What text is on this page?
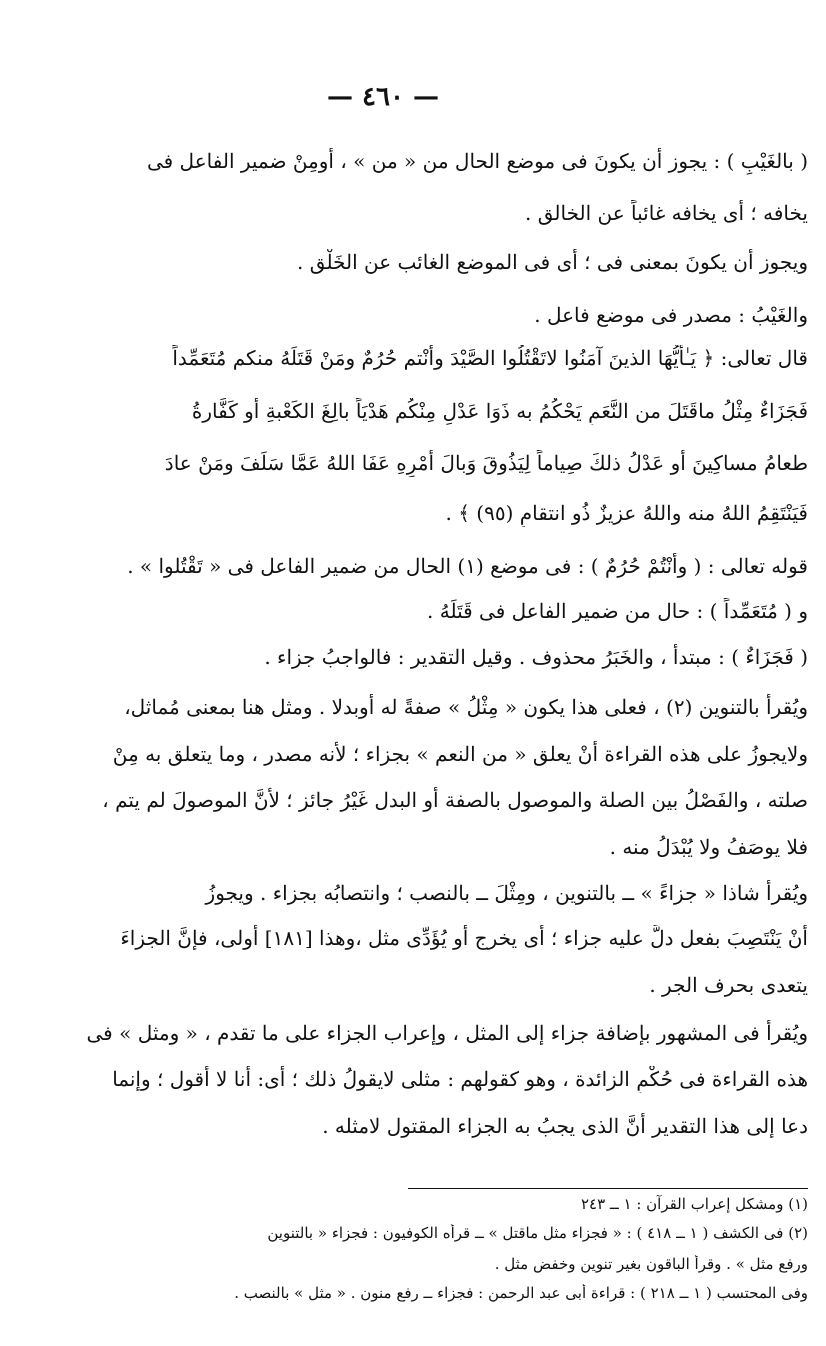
— ٤٦٠ —
( بالغَيْبِ ) : يجوز أن يكونَ فى موضع الحال من « من » ، أومِنْ ضمير الفاعل فى
يخافه ؛ أى يخافه غائباً عن الخالق .
ويجوز أن يكونَ بمعنى فى ؛ أى فى الموضع الغائب عن الخَلْق .
والغَيْبُ : مصدر فى موضع فاعل .
قال تعالى: ﴿ يَـٰأَيُّهَا الذينَ آمَنُوا لاتَقْتُلُوا الصَّيْدَ وأَنْتم حُرُمٌ ومَنْ قَتَلَهُ منكم مُتَعَمِّداً
فَجَزَاءٌ مِثْلُ ماقَتَلَ من النَّعَمِ يَحْكُمُ به ذَوَا عَدْلٍ مِنْكُم هَدْيَاً بالِغَ الكَعْبةِ أو كَفَّارةُ
طعامُ مساكِينَ أو عَدْلُ ذلكَ صِياماً لِيَذُوقَ وَبالَ أَمْرِهِ عَفَا اللهُ عَمَّا سَلَفَ ومَنْ عادَ
فَيَنْتَقِمُ اللهُ منه واللهُ عزيزٌ ذُو انتقامٍ (٩٥) ﴾ .
قوله تعالى : ( وأَنْتُمْ حُرُمٌ ) : فى موضع (١) الحال من ضمير الفاعل فى « تَقْتُلوا » .
و ( مُتَعَمِّداً ) : حال من ضمير الفاعل فى قَتَلَهُ .
( فَجَزَاءٌ ) : مبتدأ ، والخَبَرُ محذوف . وقيل التقدير : فالواجبُ جزاء .
ويُقرأُ بالتنوين (٢) ، فعلى هذا يكون « مِثْلُ » صفةً له أوبدلا . ومثل هنا بمعنى مُماثل،
ولايجوزُ على هذه القراءة أَنْ يعلق « من النعم » بجزاء ؛ لأنه مصدر ، وما يتعلق به مِنْ
صلته ، والفَصْلُ بين الصلة والموصول بالصفة أو البدل غَيْرُ جائز ؛ لأنَّ الموصولَ لم يتم ،
فلا يوصَفُ ولا يُبْدَلُ منه .
ويُقرأُ شاذا « جزاءً » ــ بالتنوين ، ومِثْلَ ــ بالنصب ؛ وانتصابُه بجزاء . ويجوزُ
أَنْ يَنْتَصِبَ بفعل دلَّ عليه جزاء ؛ أى يخرج أو يُؤَدِّى مثل ،وهذا [١٨١] أولى، فإنَّ الجزاءَ
يتعدى بحرف الجر .
ويُقرأُ فى المشهور بإضافة جزاء إلى المثل ، وإعراب الجزاء على ما تقدم ، « ومثل » فى
هذه القراءة فى حُكْمِ الزائدة ، وهو كقولهم : مثلى لايقولُ ذلك ؛ أى: أنا لا أقول ؛ وإنما
دعا إلى هذا التقدير أَنَّ الذى يجبُ به الجزاء المقتول لامثله .
(١) ومشكل إعراب القرآن : ١ ــ ٢٤٣
(٢) فى الكشف ( ١ ــ ٤١٨ ) : « فجزاء مثل ماقتل » ــ قرأه الكوفيون : فجزاء « بالتنوين
ورفع مثل » . وقرأ الباقون بغير تنوين وخفض مثل .
وفى المحتسب ( ١ ــ ٢١٨ ) : قراءة أبى عبد الرحمن : فجزاء ــ رفع منون . « مثل » بالنصب .
